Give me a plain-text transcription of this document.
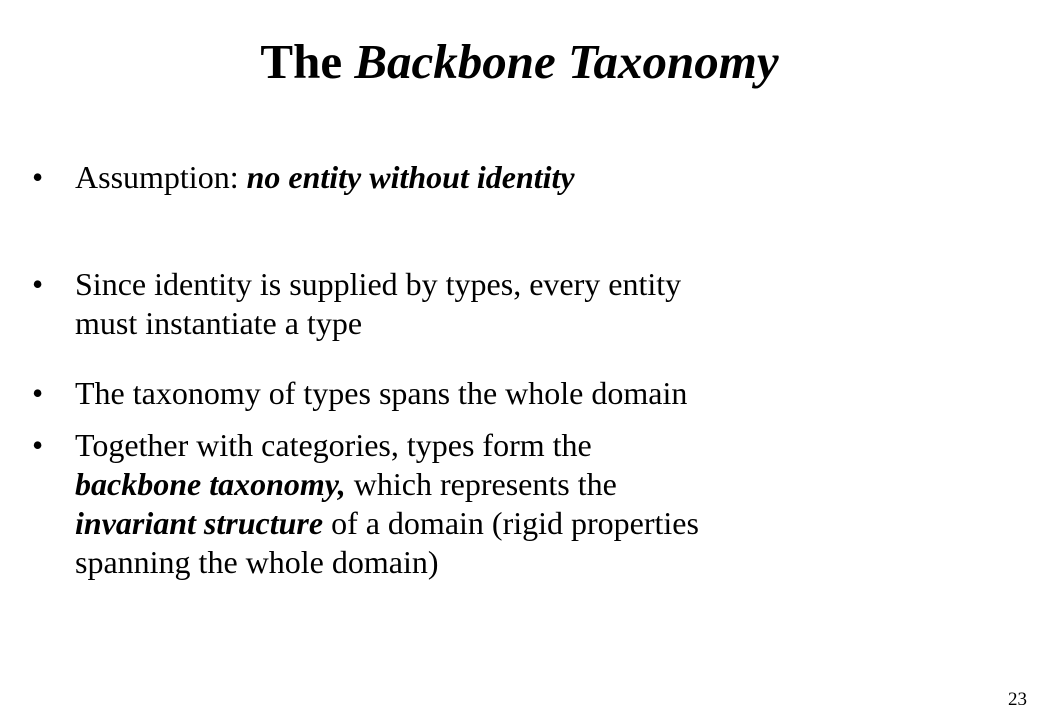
The Backbone Taxonomy
• Assumption: no entity without identity
• Since identity is supplied by types, every entity
must instantiate a type
• The taxonomy of types spans the whole domain
• Together with categories, types form the
backbone taxonomy, which represents the
invariant structure of a domain (rigid properties
spanning the whole domain)
23
